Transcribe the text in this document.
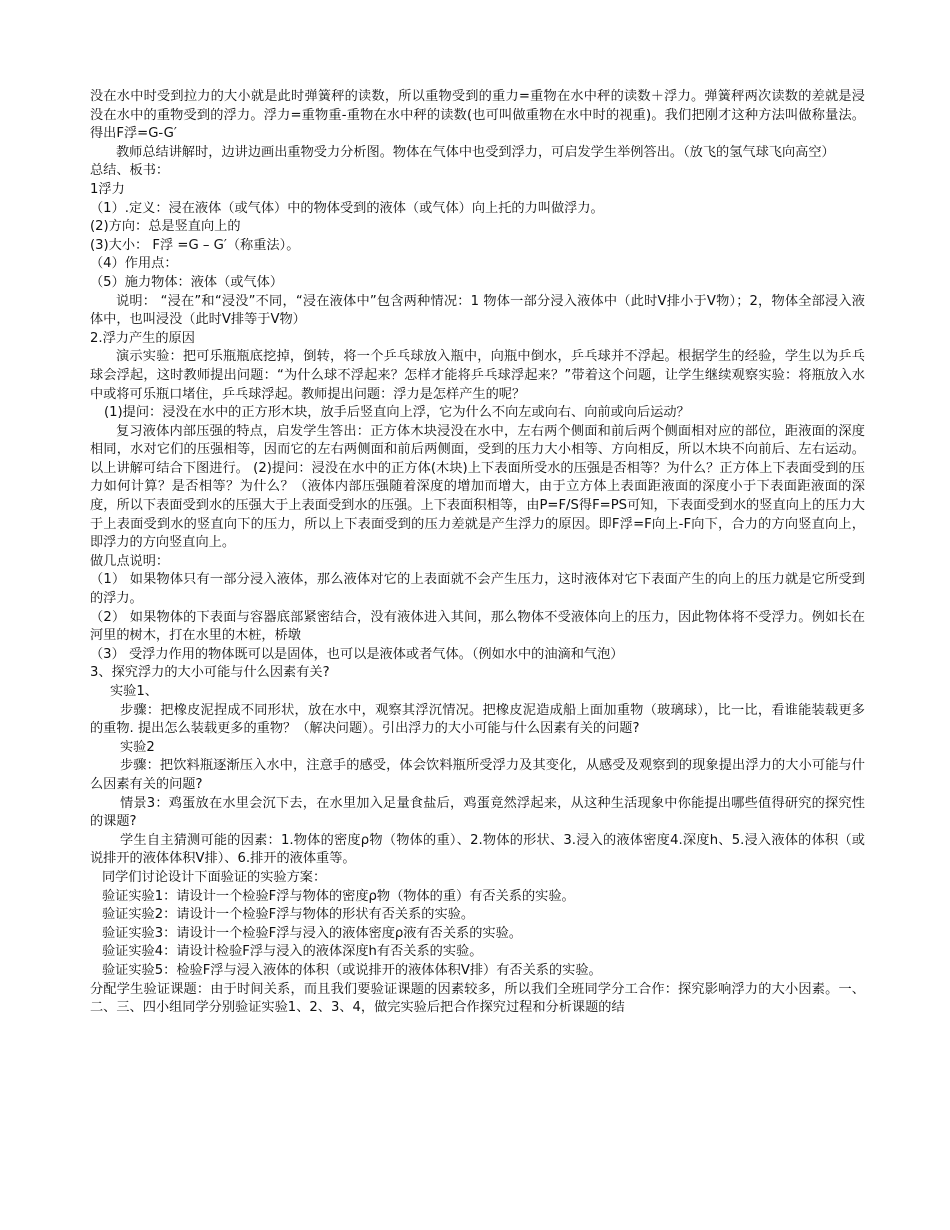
没在水中时受到拉力的大小就是此时弹簧秤的读数，所以重物受到的重力=重物在水中秤的读数＋浮力。弹簧秤两次读数的差就是浸没在水中的重物受到的浮力。浮力=重物重-重物在水中秤的读数(也可叫做重物在水中时的视重)。我们把刚才这种方法叫做称量法。得出F浮=G-G′

教师总结讲解时，边讲边画出重物受力分析图。物体在气体中也受到浮力，可启发学生举例答出。（放飞的氢气球飞向高空）

总结、板书：

1浮力

（1）.定义：浸在液体（或气体）中的物体受到的液体（或气体）向上托的力叫做浮力。

(2)方向：总是竖直向上的

(3)大小： F浮 =G – G′（称重法）。

（4）作用点：

（5）施力物体：液体（或气体）

说明： “浸在”和“浸没”不同，“浸在液体中”包含两种情况：1 物体一部分浸入液体中（此时V排小于V物）；2，物体全部浸入液体中，也叫浸没（此时V排等于V物）

2.浮力产生的原因

演示实验：把可乐瓶瓶底挖掉，倒转，将一个乒乓球放入瓶中，向瓶中倒水，乒乓球并不浮起。根据学生的经验，学生以为乒乓球会浮起，这时教师提出问题：“为什么球不浮起来？怎样才能将乒乓球浮起来？”带着这个问题，让学生继续观察实验：将瓶放入水中或将可乐瓶口堵住，乒乓球浮起。教师提出问题：浮力是怎样产生的呢？

(1)提问：浸没在水中的正方形木块，放手后竖直向上浮，它为什么不向左或向右、向前或向后运动？

复习液体内部压强的特点，启发学生答出：正方体木块浸没在水中，左右两个侧面和前后两个侧面相对应的部位，距液面的深度相同，水对它们的压强相等，因而它的左右两侧面和前后两侧面，受到的压力大小相等、方向相反，所以木块不向前后、左右运动。以上讲解可结合下图进行。 (2)提问：浸没在水中的正方体(木块)上下表面所受水的压强是否相等？为什么？正方体上下表面受到的压力如何计算？是否相等？为什么？（液体内部压强随着深度的增加而增大，由于立方体上表面距液面的深度小于下表面距液面的深度，所以下表面受到水的压强大于上表面受到水的压强。上下表面积相等，由P=F/S得F=PS可知，下表面受到水的竖直向上的压力大于上表面受到水的竖直向下的压力，所以上下表面受到的压力差就是产生浮力的原因。即F浮=F向上-F向下，合力的方向竖直向上，即浮力的方向竖直向上。

做几点说明：

（1） 如果物体只有一部分浸入液体，那么液体对它的上表面就不会产生压力，这时液体对它下表面产生的向上的压力就是它所受到的浮力。

（2） 如果物体的下表面与容器底部紧密结合，没有液体进入其间，那么物体不受液体向上的压力，因此物体将不受浮力。例如长在河里的树木，打在水里的木桩，桥墩

（3） 受浮力作用的物体既可以是固体，也可以是液体或者气体。（例如水中的油滴和气泡）

3、探究浮力的大小可能与什么因素有关?

实验1、

步骤：把橡皮泥捏成不同形状，放在水中，观察其浮沉情况。把橡皮泥造成船上面加重物（玻璃球），比一比，看谁能装载更多的重物. 提出怎么装载更多的重物？（解决问题）。引出浮力的大小可能与什么因素有关的问题?

实验2

步骤：把饮料瓶逐渐压入水中，注意手的感受，体会饮料瓶所受浮力及其变化，从感受及观察到的现象提出浮力的大小可能与什么因素有关的问题?

情景3：鸡蛋放在水里会沉下去，在水里加入足量食盐后，鸡蛋竟然浮起来，从这种生活现象中你能提出哪些值得研究的探究性的课题?

学生自主猜测可能的因素：1.物体的密度ρ物（物体的重）、2.物体的形状、3.浸入的液体密度4.深度h、5.浸入液体的体积（或说排开的液体体积V排）、6.排开的液体重等。

同学们讨论设计下面验证的实验方案：

验证实验1：请设计一个检验F浮与物体的密度ρ物（物体的重）有否关系的实验。

验证实验2：请设计一个检验F浮与物体的形状有否关系的实验。

验证实验3：请设计一个检验F浮与浸入的液体密度ρ液有否关系的实验。

验证实验4：请设计检验F浮与浸入的液体深度h有否关系的实验。

验证实验5：检验F浮与浸入液体的体积（或说排开的液体体积V排）有否关系的实验。

分配学生验证课题：由于时间关系，而且我们要验证课题的因素较多，所以我们全班同学分工合作：探究影响浮力的大小因素。一、二、三、四小组同学分别验证实验1、2、3、4，做完实验后把合作探究过程和分析课题的结
